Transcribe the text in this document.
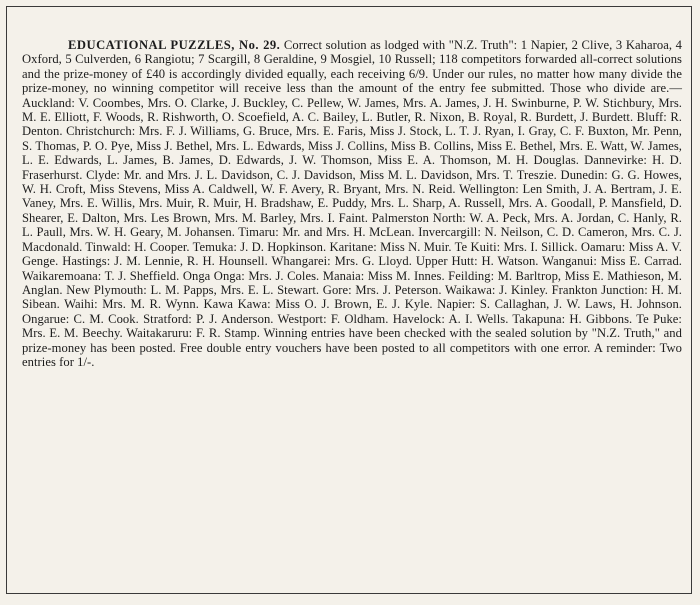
EDUCATIONAL PUZZLES, No. 29. Correct solution as lodged with "N.Z. Truth": 1 Napier, 2 Clive, 3 Kaharoa, 4 Oxford, 5 Culverden, 6 Rangiotu; 7 Scargill, 8 Geraldine, 9 Mosgiel, 10 Russell; 118 competitors forwarded all-correct solutions and the prize-money of £40 is accordingly divided equally, each receiving 6/9. Under our rules, no matter how many divide the prize-money, no winning competitor will receive less than the amount of the entry fee submitted. Those who divide are.—Auckland: V. Coombes, Mrs. O. Clarke, J. Buckley, C. Pellew, W. James, Mrs. A. James, J. H. Swinburne, P. W. Stichbury, Mrs. M. E. Elliott, F. Woods, R. Rishworth, O. Scoefield, A. C. Bailey, L. Butler, R. Nixon, B. Royal, R. Burdett, J. Burdett. Bluff: R. Denton. Christchurch: Mrs. F. J. Williams, G. Bruce, Mrs. E. Faris, Miss J. Stock, L. T. J. Ryan, I. Gray, C. F. Buxton, Mr. Penn, S. Thomas, P. O. Pye, Miss J. Bethel, Mrs. L. Edwards, Miss J. Collins, Miss B. Collins, Miss E. Bethel, Mrs. E. Watt, W. James, L. E. Edwards, L. James, B. James, D. Edwards, J. W. Thomson, Miss E. A. Thomson, M. H. Douglas. Dannevirke: H. D. Fraserhurst. Clyde: Mr. and Mrs. J. L. Davidson, C. J. Davidson, Miss M. L. Davidson, Mrs. T. Treszie. Dunedin: G. G. Howes, W. H. Croft, Miss Stevens, Miss A. Caldwell, W. F. Avery, R. Bryant, Mrs. N. Reid. Wellington: Len Smith, J. A. Bertram, J. E. Vaney, Mrs. E. Willis, Mrs. Muir, R. Muir, H. Bradshaw, E. Puddy, Mrs. L. Sharp, A. Russell, Mrs. A. Goodall, P. Mansfield, D. Shearer, E. Dalton, Mrs. Les Brown, Mrs. M. Barley, Mrs. I. Faint. Palmerston North: W. A. Peck, Mrs. A. Jordan, C. Hanly, R. L. Paull, Mrs. W. H. Geary, M. Johansen. Timaru: Mr. and Mrs. H. McLean. Invercargill: N. Neilson, C. D. Cameron, Mrs. C. J. Macdonald. Tinwald: H. Cooper. Temuka: J. D. Hopkinson. Karitane: Miss N. Muir. Te Kuiti: Mrs. I. Sillick. Oamaru: Miss A. V. Genge. Hastings: J. M. Lennie, R. H. Hounsell. Whangarei: Mrs. G. Lloyd. Upper Hutt: H. Watson. Wanganui: Miss E. Carrad. Waikaremoana: T. J. Sheffield. Onga Onga: Mrs. J. Coles. Manaia: Miss M. Innes. Feilding: M. Barltrop, Miss E. Mathieson, M. Anglan. New Plymouth: L. M. Papps, Mrs. E. L. Stewart. Gore: Mrs. J. Peterson. Waikawa: J. Kinley. Frankton Junction: H. M. Sibean. Waihi: Mrs. M. R. Wynn. Kawa Kawa: Miss O. J. Brown, E. J. Kyle. Napier: S. Callaghan, J. W. Laws, H. Johnson. Ongarue: C. M. Cook. Stratford: P. J. Anderson. Westport: F. Oldham. Havelock: A. I. Wells. Takapuna: H. Gibbons. Te Puke: Mrs. E. M. Beechy. Waitakaruru: F. R. Stamp. Winning entries have been checked with the sealed solution by "N.Z. Truth," and prize-money has been posted. Free double entry vouchers have been posted to all competitors with one error. A reminder: Two entries for 1/-.
